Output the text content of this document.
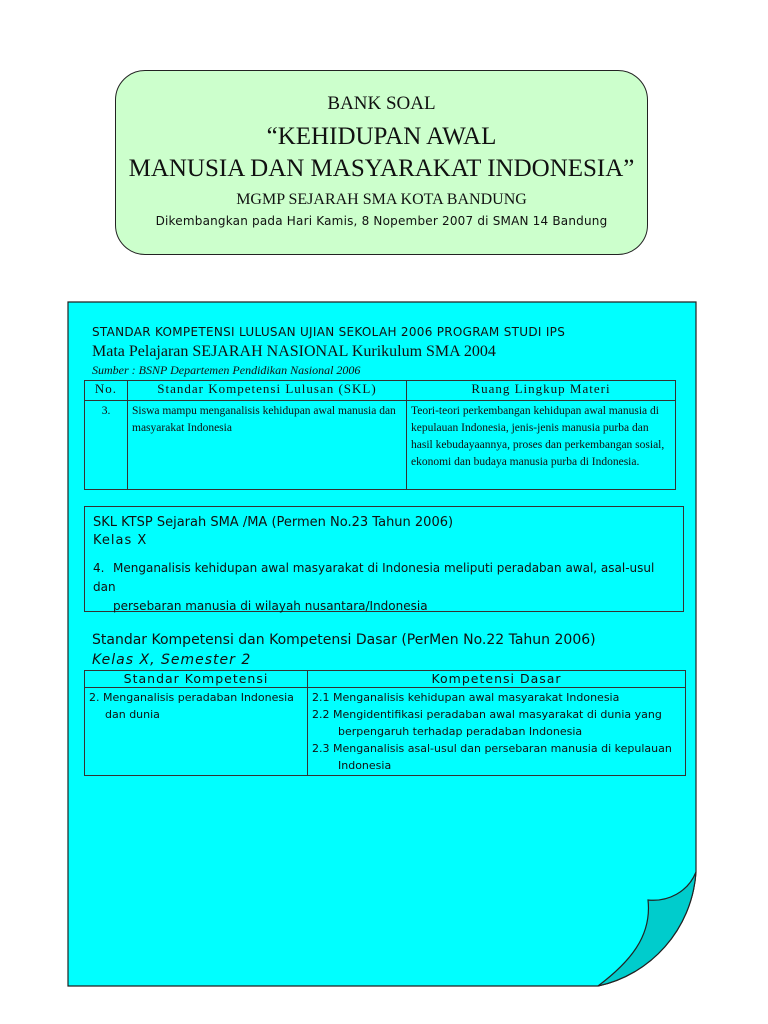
BANK SOAL
“KEHIDUPAN AWAL
MANUSIA DAN MASYARAKAT INDONESIA”
MGMP SEJARAH SMA KOTA BANDUNG
Dikembangkan pada Hari Kamis, 8 Nopember 2007 di SMAN 14 Bandung
STANDAR KOMPETENSI LULUSAN UJIAN SEKOLAH 2006 PROGRAM STUDI IPS
Mata Pelajaran SEJARAH NASIONAL Kurikulum SMA 2004
Sumber : BSNP Departemen Pendidikan Nasional 2006
No.	Standar Kompetensi Lulusan (SKL)	Ruang Lingkup Materi
3.	Siswa mampu menganalisis kehidupan awal manusia dan masyarakat Indonesia	Teori-teori perkembangan kehidupan awal manusia di kepulauan Indonesia, jenis-jenis manusia purba dan hasil kebudayaannya, proses dan perkembangan sosial, ekonomi dan budaya manusia purba di Indonesia.
SKL KTSP Sejarah SMA /MA (Permen No.23 Tahun 2006)
Kelas X
4. Menganalisis kehidupan awal masyarakat di Indonesia meliputi peradaban awal, asal-usul dan
persebaran manusia di wilayah nusantara/Indonesia
Standar Kompetensi dan Kompetensi Dasar (PerMen No.22 Tahun 2006)
Kelas X, Semester 2
Standar Kompetensi	Kompetensi Dasar

2. Menganalisis peradaban Indonesia
dan dunia	2.1 Menganalisis kehidupan awal masyarakat Indonesia
2.2 Mengidentifikasi peradaban awal masyarakat di dunia yang
berpengaruh terhadap peradaban Indonesia
2.3 Menganalisis asal-usul dan persebaran manusia di kepulauan
Indonesia
